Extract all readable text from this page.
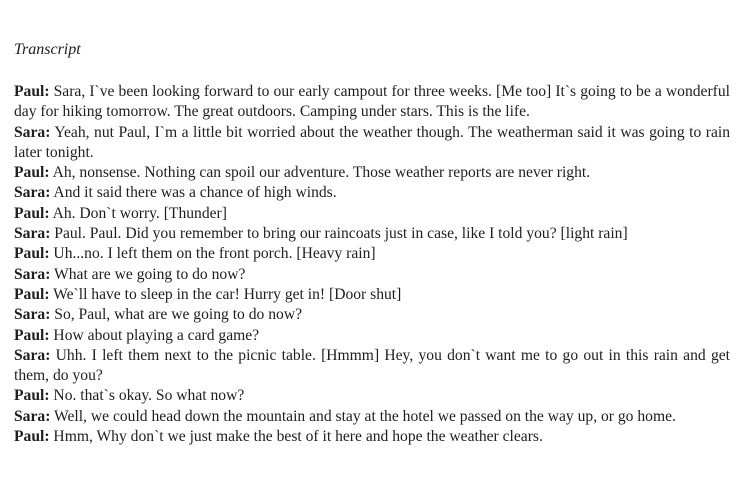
Transcript

Paul: Sara, I`ve been looking forward to our early campout for three weeks. [Me too] It`s going to be a wonderful day for hiking tomorrow. The great outdoors. Camping under stars. This is the life.

Sara: Yeah, nut Paul, I`m a little bit worried about the weather though. The weatherman said it was going to rain later tonight.

Paul: Ah, nonsense. Nothing can spoil our adventure. Those weather reports are never right.

Sara: And it said there was a chance of high winds.

Paul: Ah. Don`t worry. [Thunder]

Sara: Paul. Paul. Did you remember to bring our raincoats just in case, like I told you? [light rain]

Paul: Uh...no. I left them on the front porch. [Heavy rain]

Sara: What are we going to do now?

Paul: We`ll have to sleep in the car! Hurry get in! [Door shut]

Sara: So, Paul, what are we going to do now?

Paul: How about playing a card game?

Sara: Uhh. I left them next to the picnic table. [Hmmm] Hey, you don`t want me to go out in this rain and get them, do you?

Paul: No. that`s okay. So what now?

Sara: Well, we could head down the mountain and stay at the hotel we passed on the way up, or go home.

Paul: Hmm, Why don`t we just make the best of it here and hope the weather clears.
